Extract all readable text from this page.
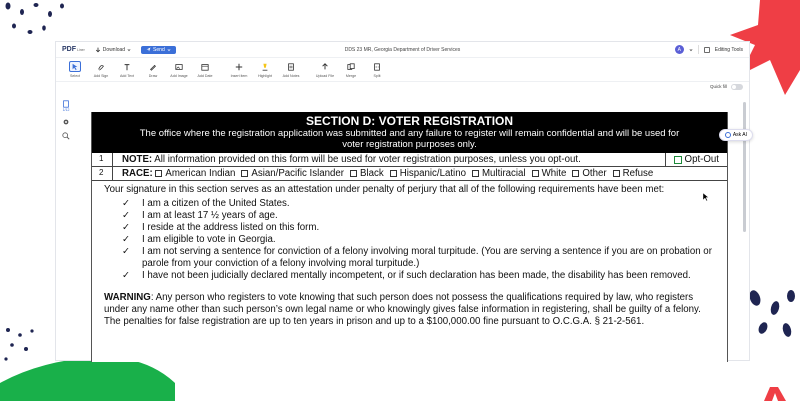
PDF Liner	Download	Send	DDS 23 MR, Georgia Department of Driver Services	A	Editing Tools
Select	Add Sign	Add Text	Draw	Add Image	Add Date	Insert item	Highlight	Add Notes	Upload File	Merge	Split
Quick fill
1/12
Ask AI
SECTION D: VOTER REGISTRATION
The office where the registration application was submitted and any failure to register will remain confidential and will be used for voter registration purposes only.
1	NOTE: All information provided on this form will be used for voter registration purposes, unless you opt-out.	Opt-Out
2	RACE: American Indian Asian/Pacific Islander Black Hispanic/Latino Multiracial White Other Refuse
Your signature in this section serves as an attestation under penalty of perjury that all of the following requirements have been met:
✓	I am a citizen of the United States.
✓	I am at least 17 ½ years of age.
✓	I reside at the address listed on this form.
✓	I am eligible to vote in Georgia.
✓	I am not serving a sentence for conviction of a felony involving moral turpitude. (You are serving a sentence if you are on probation or parole from your conviction of a felony involving moral turpitude.)
✓	I have not been judicially declared mentally incompetent, or if such declaration has been made, the disability has been removed.
WARNING: Any person who registers to vote knowing that such person does not possess the qualifications required by law, who registers under any name other than such person’s own legal name or who knowingly gives false information in registering, shall be guilty of a felony. The penalties for false registration are up to ten years in prison and up to a $100,000.00 fine pursuant to O.C.G.A. § 21-2-561.
